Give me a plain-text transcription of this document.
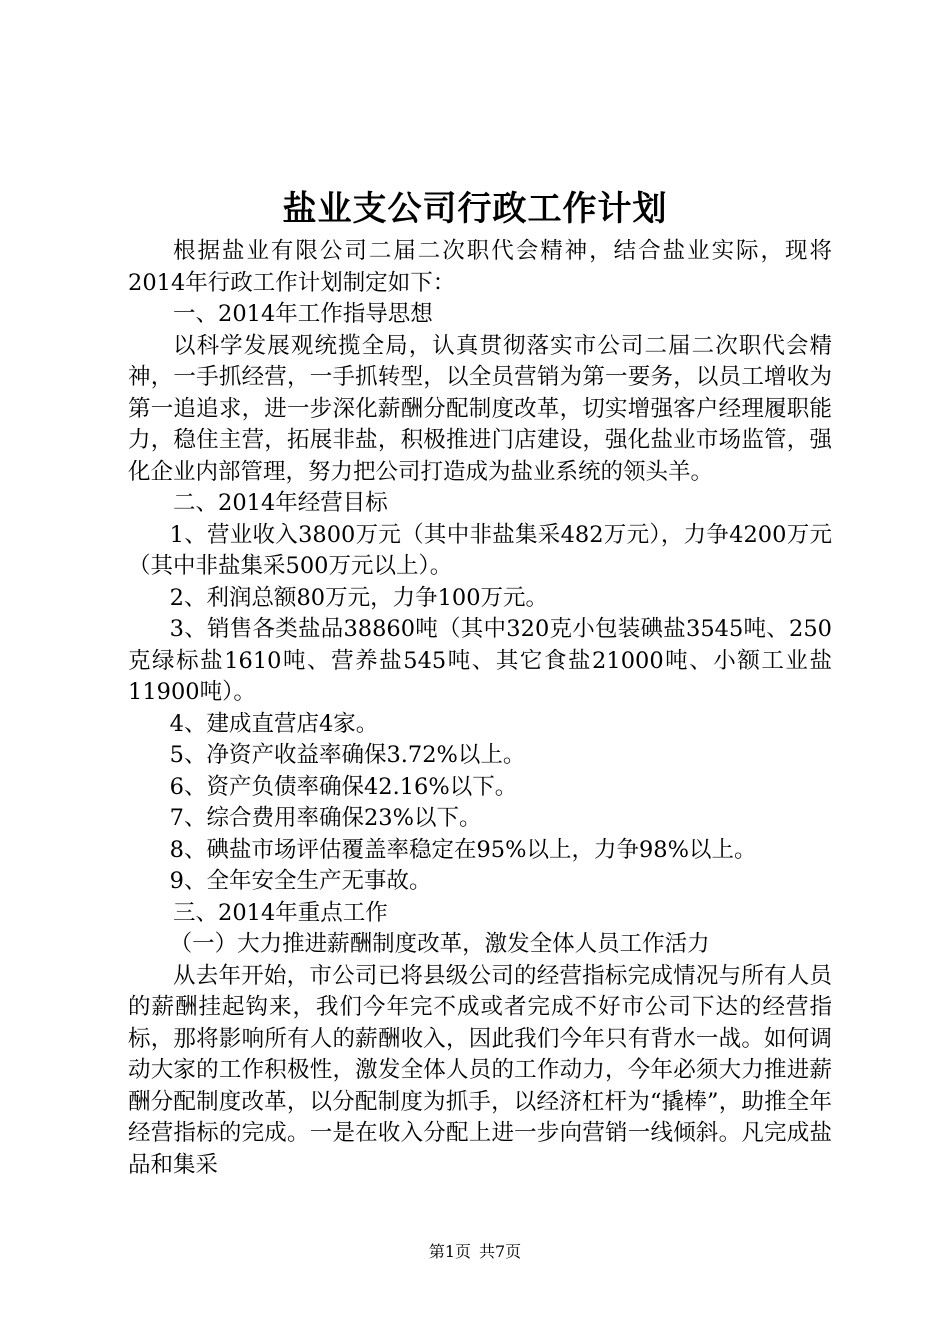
盐业支公司行政工作计划

根据盐业有限公司二届二次职代会精神，结合盐业实际，现将2014年行政工作计划制定如下：

一、2014年工作指导思想

以科学发展观统揽全局，认真贯彻落实市公司二届二次职代会精神，一手抓经营，一手抓转型，以全员营销为第一要务，以员工增收为第一追追求，进一步深化薪酬分配制度改革，切实增强客户经理履职能力，稳住主营，拓展非盐，积极推进门店建设，强化盐业市场监管，强化企业内部管理，努力把公司打造成为盐业系统的领头羊。

二、2014年经营目标

1、营业收入3800万元（其中非盐集采482万元），力争4200万元（其中非盐集采500万元以上）。

2、利润总额80万元，力争100万元。

3、销售各类盐品38860吨（其中320克小包装碘盐3545吨、250克绿标盐1610吨、营养盐545吨、其它食盐21000吨、小额工业盐11900吨）。

4、建成直营店4家。

5、净资产收益率确保3.72%以上。

6、资产负债率确保42.16%以下。

7、综合费用率确保23%以下。

8、碘盐市场评估覆盖率稳定在95%以上，力争98%以上。

9、全年安全生产无事故。

三、2014年重点工作

（一）大力推进薪酬制度改革，激发全体人员工作活力

从去年开始，市公司已将县级公司的经营指标完成情况与所有人员的薪酬挂起钩来，我们今年完不成或者完成不好市公司下达的经营指标，那将影响所有人的薪酬收入，因此我们今年只有背水一战。如何调动大家的工作积极性，激发全体人员的工作动力，今年必须大力推进薪酬分配制度改革，以分配制度为抓手，以经济杠杆为“撬棒”，助推全年经营指标的完成。一是在收入分配上进一步向营销一线倾斜。凡完成盐品和集采

第1页 共7页
